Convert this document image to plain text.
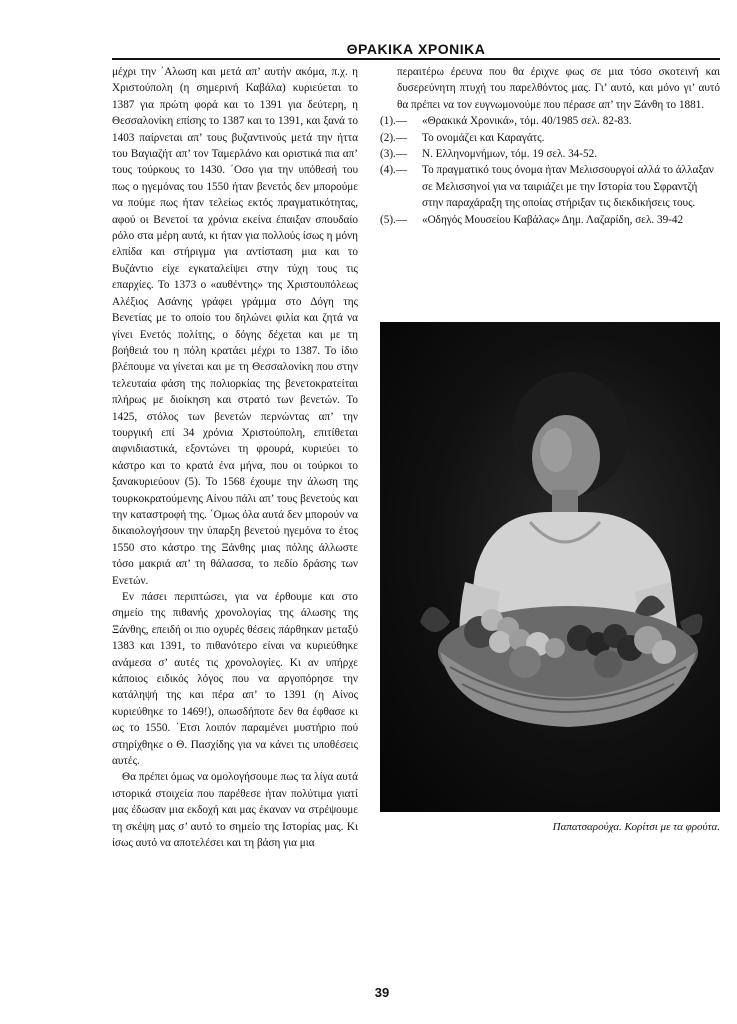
ΘΡΑΚΙΚΑ ΧΡΟΝΙΚΑ

μέχρι την ΄Αλωση και μετά απ’ αυτήν ακόμα, π.χ. η Χριστούπολη (η σημερινή Καβάλα) κυριεύεται το 1387 για πρώτη φορά και το 1391 για δεύτερη, η Θεσσαλονίκη επίσης το 1387 και το 1391, και ξανά το 1403 παίρνεται απ’ τους βυζαντινούς μετά την ήττα του Βαγιαζήτ απ’ τον Ταμερλάνο και οριστικά πια απ’ τους τούρκους το 1430. ΄Οσο για την υπόθεσή του πως ο ηγεμόνας του 1550 ήταν βενετός δεν μπορούμε να πούμε πως ήταν τελείως εκτός πραγματικότητας, αφού οι Βενετοί τα χρόνια εκείνα έπαιξαν σπουδαίο ρόλο στα μέρη αυτά, κι ήταν για πολλούς ίσως η μόνη ελπίδα και στήριγμα για αντίσταση μια και το Βυζάντιο είχε εγκαταλείψει στην τύχη τους τις επαρχίες. Το 1373 ο «αυθέντης» της Χριστουπόλεως Αλέξιος Ασάνης γράφει γράμμα στο Δόγη της Βενετίας με το οποίο του δηλώνει φιλία και ζητά να γίνει Ενετός πολίτης, ο δόγης δέχεται και με τη βοήθειά του η πόλη κρατάει μέχρι το 1387. Το ίδιο βλέπουμε να γίνεται και με τη Θεσσαλονίκη που στην τελευταία φάση της πολιορκίας της βενετοκρατείται πλήρως με διοίκηση και στρατό των βενετών. Το 1425, στόλος των βενετών περνώντας απ’ την τουργική επί 34 χρόνια Χριστούπολη, επιτίθεται αιφνιδιαστικά, εξοντώνει τη φρουρά, κυριεύει το κάστρο και το κρατά ένα μήνα, που οι τούρκοι το ξανακυριεύουν (5). Το 1568 έχουμε την άλωση της τουρκοκρατούμενης Αίνου πάλι απ’ τους βενετούς και την καταστροφή της. ΄Ομως όλα αυτά δεν μπορούν να δικαιολογήσουν την ύπαρξη βενετού ηγεμόνα το έτος 1550 στο κάστρο της Ξάνθης μιας πόλης άλλωστε τόσο μακριά απ’ τη θάλασσα, το πεδίο δράσης των Ενετών.

Εν πάσει περιπτώσει, για να έρθουμε και στο σημείο της πιθανής χρονολογίας της άλωσης της Ξάνθης, επειδή οι πιο οχυρές θέσεις πάρθηκαν μεταξύ 1383 και 1391, το πιθανότερο είναι να κυριεύθηκε ανάμεσα σ’ αυτές τις χρονολογίες. Κι αν υπήρχε κάποιος ειδικός λόγος που να αργοπόρησε την κατάληψή της και πέρα απ’ το 1391 (η Αίνος κυριεύθηκε το 1469!), οπωσδήποτε δεν θα έφθασε κι ως το 1550. ΄Ετσι λοιπόν παραμένει μυστήριο πού στηρίχθηκε ο Θ. Πασχίδης για να κάνει τις υποθέσεις αυτές.

Θα πρέπει όμως να ομολογήσουμε πως τα λίγα αυτά ιστορικά στοιχεία που παρέθεσε ήταν πολύτιμα γιατί μας έδωσαν μια εκδοχή και μας έκαναν να στρέψουμε τη σκέψη μας σ’ αυτό το σημείο της Ιστορίας μας. Κι ίσως αυτό να αποτελέσει και τη βάση για μια

περαιτέρω έρευνα που θα έριχνε φως σε μια τόσο σκοτεινή και δυσερεύνητη πτυχή του παρελθόντος μας. Γι’ αυτό, και μόνο γι’ αυτό θα πρέπει να τον ευγνωμονούμε που πέρασε απ’ την Ξάνθη το 1881.

(1).—	«Θρακικά Χρονικά», τόμ. 40/1985 σελ. 82-83.
(2).—	Το ονομάζει και Καραγάτς.
(3).—	Ν. Ελληνομνήμων, τόμ. 19 σελ. 34-52.
(4).—	Το πραγματικό τους όνομα ήταν Μελισσουργοί αλλά το άλλαξαν σε Μελισσηνοί για να ταιριάζει με την Ιστορία του Σφραντζή στην παραχάραξη της οποίας στήριξαν τις διεκδικήσεις τους.
(5).—	«Οδηγός Μουσείου Καβάλας» Δημ. Λαζαρίδη, σελ. 39-42
Παπατσαρούχα. Κορίτσι με τα φρούτα.
39
